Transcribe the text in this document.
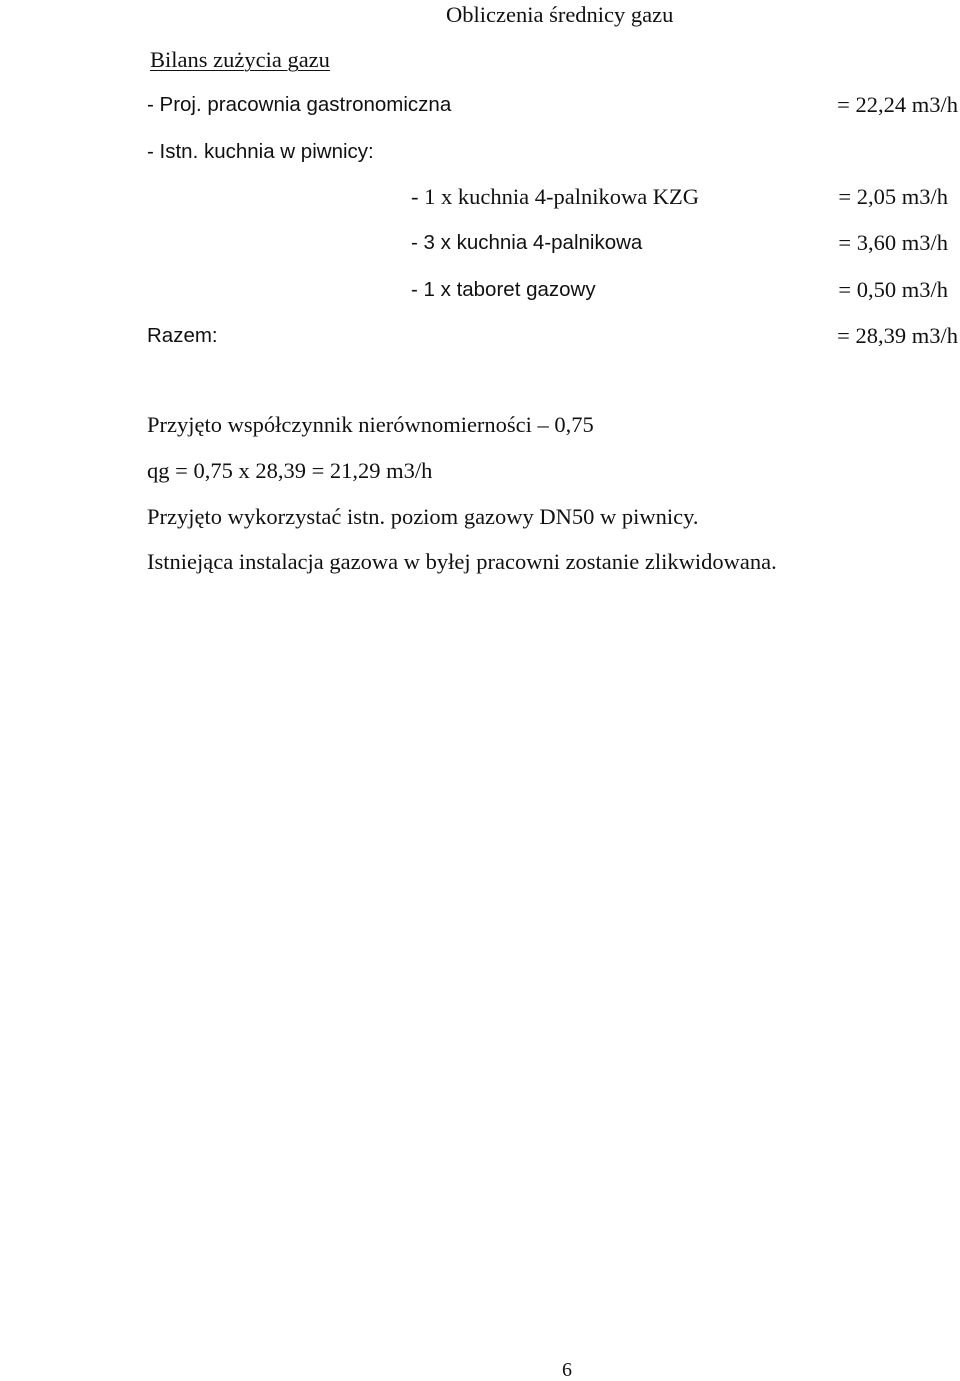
Obliczenia średnicy gazu
Bilans zużycia gazu
- Proj. pracownia gastronomiczna	= 22,24 m3/h
- Istn. kuchnia w piwnicy:
- 1 x kuchnia 4-palnikowa KZG	= 2,05 m3/h
- 3 x kuchnia 4-palnikowa	= 3,60 m3/h
- 1 x taboret gazowy	= 0,50 m3/h
Razem:	= 28,39 m3/h
Przyjęto współczynnik nierównomierności – 0,75
qg = 0,75 x 28,39 = 21,29 m3/h
Przyjęto wykorzystać istn. poziom gazowy DN50 w piwnicy.
Istniejąca instalacja gazowa w byłej pracowni zostanie zlikwidowana.
6
